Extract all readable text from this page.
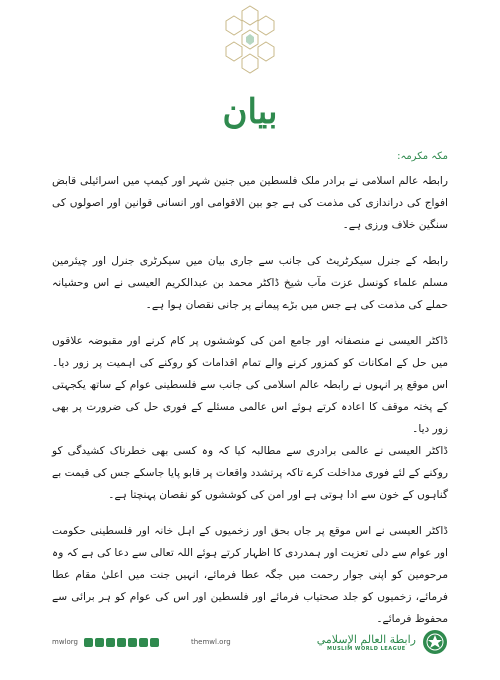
بیان
مکہ مکرمہ:

رابطہ عالم اسلامی نے برادر ملک فلسطین میں جنین شہر اور کیمپ میں اسرائیلی قابض افواج کی دراندازی کی مذمت کی ہے جو بین الاقوامی اور انسانی قوانین اور اصولوں کی سنگین خلاف ورزی ہے۔

رابطہ کے جنرل سیکرٹریٹ کی جانب سے جاری بیان میں سیکرٹری جنرل اور چیئرمین مسلم علماء کونسل عزت مآب شیخ ڈاکٹر محمد بن عبدالکریم العیسی نے اس وحشیانہ حملے کی مذمت کی ہے جس میں بڑے پیمانے پر جانی نقصان ہوا ہے۔

ڈاکٹر العیسی نے منصفانہ اور جامع امن کی کوششوں پر کام کرنے اور مقبوضہ علاقوں میں حل کے امکانات کو کمزور کرنے والے تمام اقدامات کو روکنے کی اہمیت پر زور دیا۔ اس موقع پر انہوں نے رابطہ عالم اسلامی کی جانب سے فلسطینی عوام کے ساتھ یکجہتی کے پختہ موقف کا اعادہ کرتے ہوئے اس عالمی مسئلے کے فوری حل کی ضرورت پر بھی زور دیا۔

ڈاکٹر العیسی نے عالمی برادری سے مطالبہ کیا کہ وہ کسی بھی خطرناک کشیدگی کو روکنے کے لئے فوری مداخلت کرے تاکہ پرتشدد واقعات پر قابو پایا جاسکے جس کی قیمت بے گناہوں کے خون سے ادا ہوتی ہے اور امن کی کوششوں کو نقصان پہنچتا ہے۔

ڈاکٹر العیسی نے اس موقع پر جاں بحق اور زخمیوں کے اہل خانہ اور فلسطینی حکومت اور عوام سے دلی تعزیت اور ہمدردی کا اظہار کرتے ہوئے اللہ تعالی سے دعا کی ہے کہ وہ مرحومین کو اپنی جوار رحمت میں جگہ عطا فرمائے، انہیں جنت میں اعلیٰ مقام عطا فرمائے، زخمیوں کو جلد صحتیاب فرمائے اور فلسطین اور اس کی عوام کو ہر برائی سے محفوظ فرمائے۔

mwlorg	themwl.org	رابطة العالم الإسلامي
MUSLIM WORLD LEAGUE
